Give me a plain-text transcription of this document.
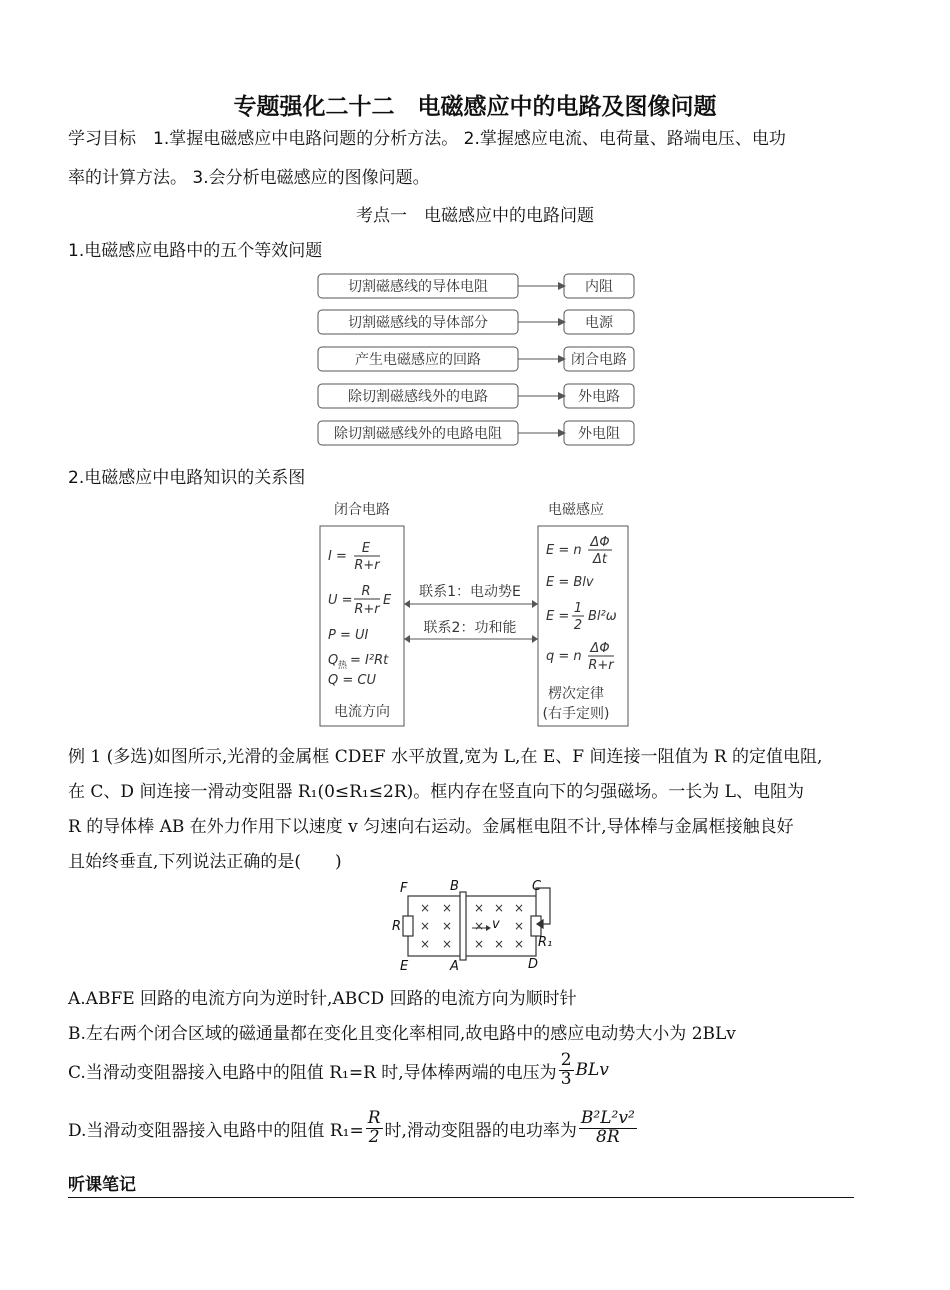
专题强化二十二　电磁感应中的电路及图像问题
学习目标　1.掌握电磁感应中电路问题的分析方法。 2.掌握感应电流、电荷量、路端电压、电功
率的计算方法。 3.会分析电磁感应的图像问题。
考点一　电磁感应中的电路问题
1.电磁感应电路中的五个等效问题
切割磁感线的导体电阻	内阻
切割磁感线的导体部分	电源
产生电磁感应的回路	闭合电路
除切割磁感线外的电路	外电路
除切割磁感线外的电路电阻	外电阻
2.电磁感应中电路知识的关系图
闭合电路	电磁感应
I =
E
R+r
U =
R
R+r
E
P = UI
Q 热 = I²Rt
Q = CU
E = n
ΔΦ
Δt
E = Blv
E =
1
2
Bl²ω
q = n
ΔΦ
R+r
电流方向
楞次定律
(右手定则)
联系1：电动势E
联系2：功和能
例 1 (多选)如图所示,光滑的金属框 CDEF 水平放置,宽为 L,在 E、F 间连接一阻值为 R 的定值电阻,
在 C、D 间连接一滑动变阻器 R₁(0≤R₁≤2R)。框内存在竖直向下的匀强磁场。一长为 L、电阻为
R 的导体棒 AB 在外力作用下以速度 v 匀速向右运动。金属框电阻不计,导体棒与金属框接触良好
且始终垂直,下列说法正确的是(　　)
× × × × ×
× × × ×
× × × × ×
F	B	C
R
R₁
E	A	D
v
A.ABFE 回路的电流方向为逆时针,ABCD 回路的电流方向为顺时针
B.左右两个闭合区域的磁通量都在变化且变化率相同,故电路中的感应电动势大小为 2BLv
C.当滑动变阻器接入电路中的阻值 R₁=R 时,导体棒两端的电压为 $\frac{2}{3}$ BLv
D.当滑动变阻器接入电路中的阻值 $R_1= \frac{R}{2}$ 时,滑动变阻器的电功率为 $\frac{\text{B²L²v²}}{8R}$
听课笔记
